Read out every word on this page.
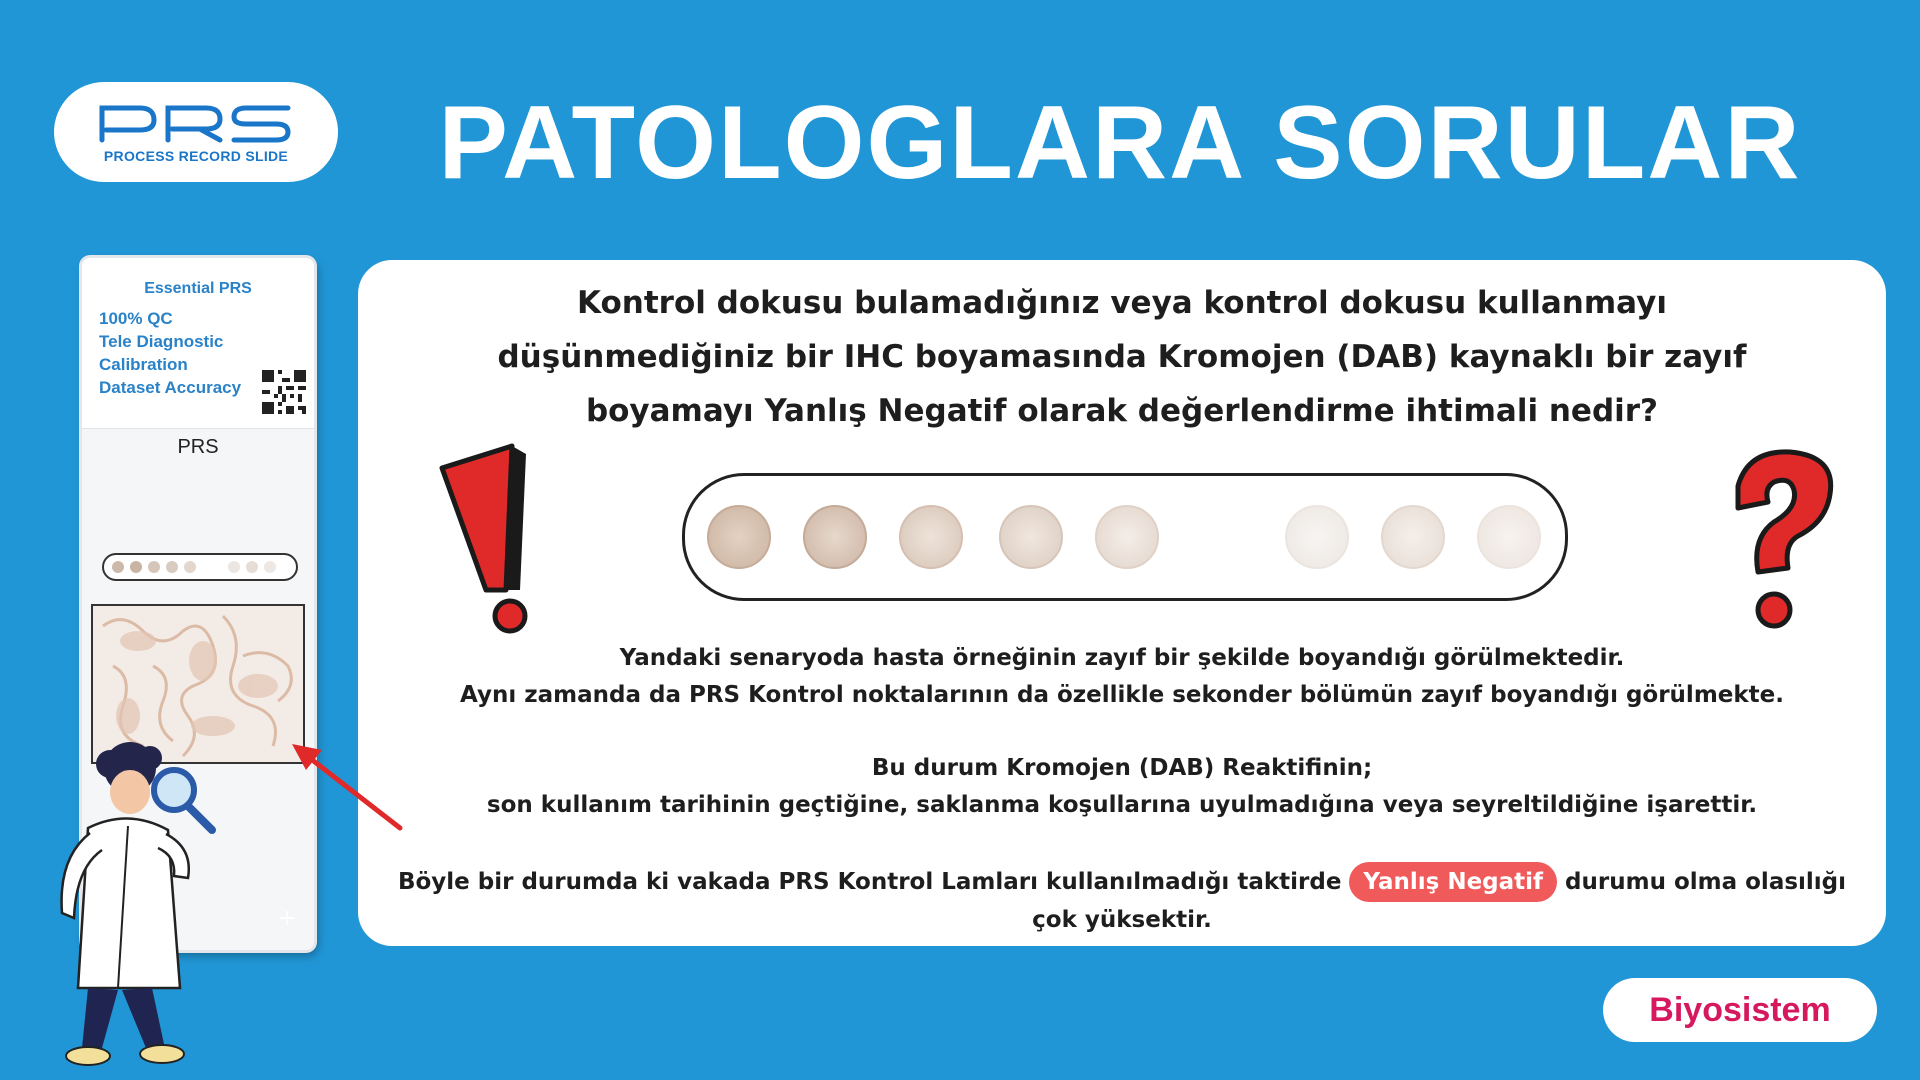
PROCESS RECORD SLIDE	PATOLOGLARA SORULAR
Essential PRS
100% QC
Tele Diagnostic
Calibration
Dataset Accuracy
PRS
+
Kontrol dokusu bulamadığınız veya kontrol dokusu kullanmayı
düşünmediğiniz bir IHC boyamasında Kromojen (DAB) kaynaklı bir zayıf
boyamayı Yanlış Negatif olarak değerlendirme ihtimali nedir?
Yandaki senaryoda hasta örneğinin zayıf bir şekilde boyandığı görülmektedir.
Aynı zamanda da PRS Kontrol noktalarının da özellikle sekonder bölümün zayıf boyandığı görülmekte.
Bu durum Kromojen (DAB) Reaktifinin;
son kullanım tarihinin geçtiğine, saklanma koşullarına uyulmadığına veya seyreltildiğine işarettir.
Böyle bir durumda ki vakada PRS Kontrol Lamları kullanılmadığı taktirde Yanlış Negatif durumu olma olasılığı
çok yüksektir.
Biyosistem
